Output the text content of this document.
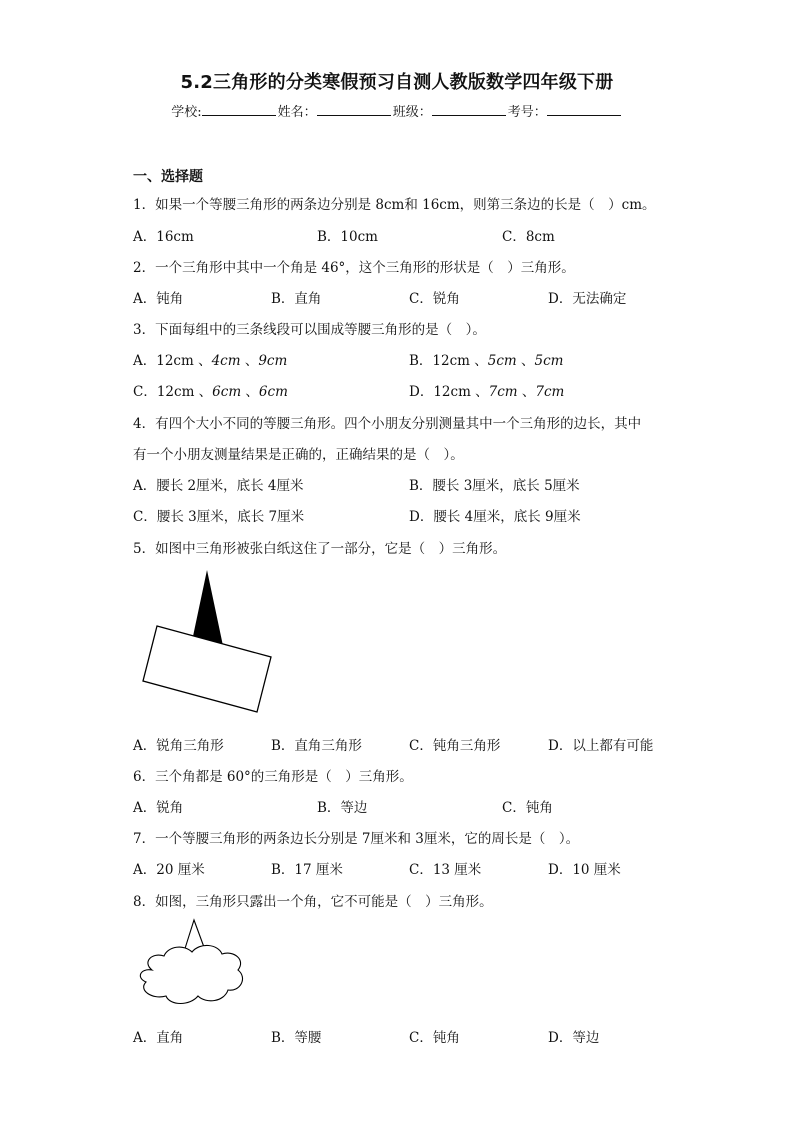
5.2三角形的分类寒假预习自测人教版数学四年级下册
学校:	姓名：	班级：	考号：
一、选择题
1．如果一个等腰三角形的两条边分别是 8cm和 16cm，则第三条边的长是（　）cm。
A．16cm	B．10cm	C．8cm
2．一个三角形中其中一个角是 46°，这个三角形的形状是（　）三角形。
A．钝角	B．直角	C．锐角	D．无法确定
3．下面每组中的三条线段可以围成等腰三角形的是（　）。
A．12cm 、4cm 、9cm	B．12cm 、5cm 、5cm
C．12cm 、6cm 、6cm	D．12cm 、7cm 、7cm
4．有四个大小不同的等腰三角形。四个小朋友分别测量其中一个三角形的边长，其中
有一个小朋友测量结果是正确的，正确结果的是（　）。
A．腰长 2厘米，底长 4厘米	B．腰长 3厘米，底长 5厘米
C．腰长 3厘米，底长 7厘米	D．腰长 4厘米，底长 9厘米
5．如图中三角形被张白纸这住了一部分，它是（　）三角形。
A．锐角三角形	B．直角三角形	C．钝角三角形	D．以上都有可能
6．三个角都是 60°的三角形是（　）三角形。
A．锐角	B．等边	C．钝角
7．一个等腰三角形的两条边长分别是 7厘米和 3厘米，它的周长是（　）。
A．20 厘米	B．17 厘米	C．13 厘米	D．10 厘米
8．如图，三角形只露出一个角，它不可能是（　）三角形。
A．直角	B．等腰	C．钝角	D．等边
